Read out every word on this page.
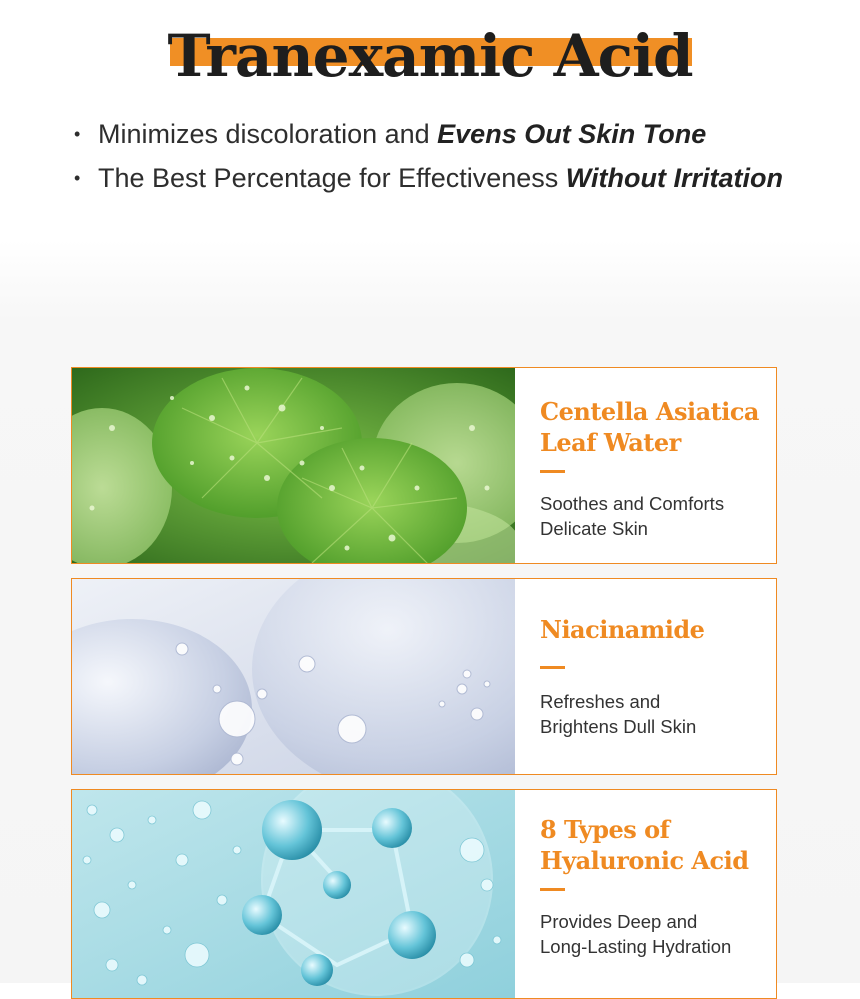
Tranexamic Acid
• Minimizes discoloration and Evens Out Skin Tone
• The Best Percentage for Effectiveness Without Irritation
Centella Asiatica
Leaf Water

Soothes and Comforts
Delicate Skin

Niacinamide

Refreshes and
Brightens Dull Skin

8 Types of
Hyaluronic Acid

Provides Deep and
Long-Lasting Hydration
